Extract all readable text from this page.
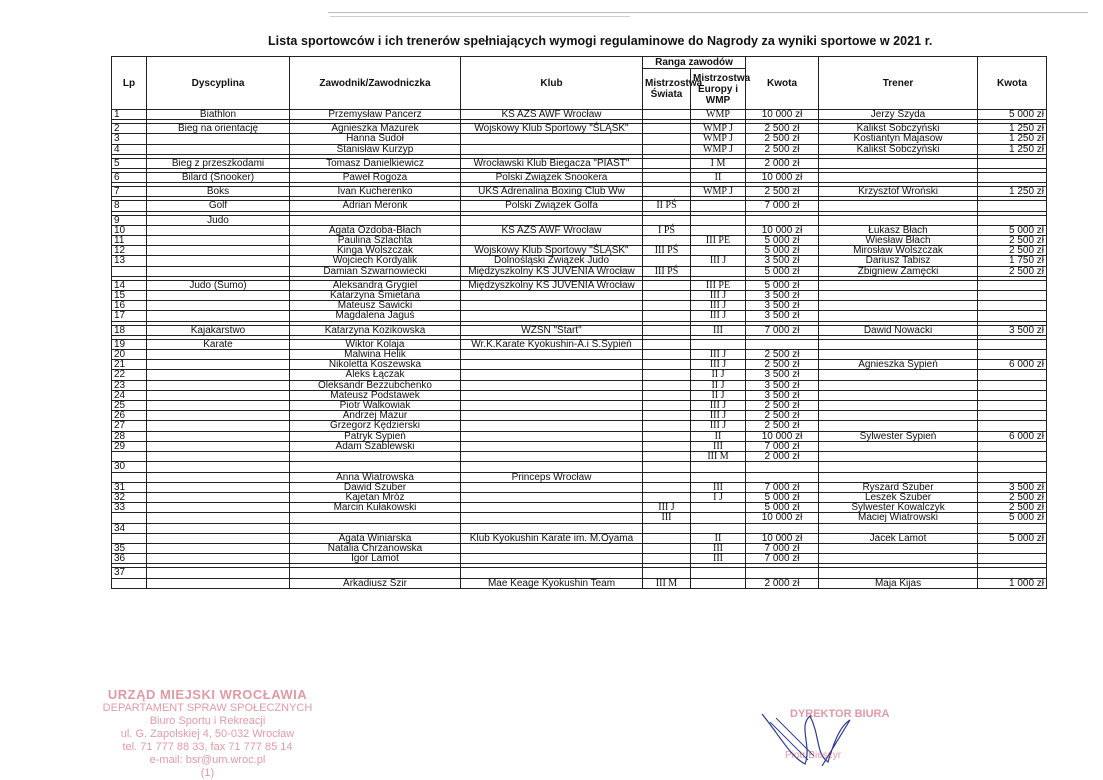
Lista sportowców i ich trenerów spełniających wymogi regulaminowe do Nagrody za wyniki sportowe w 2021 r.
Lp	Dyscyplina	Zawodnik/Zawodniczka	Klub	Ranga zawodów		Kwota	Trener	Kwota
				Mistrzostwa Świata	Mistrzostwa Europy i WMP			
1	Biathlon	Przemysław Pancerz	KS AZS AWF Wrocław		WMP	10 000 zł	Jerzy Szyda	5 000 zł

2	Bieg na orientację	Agnieszka Mazurek	Wojskowy Klub Sportowy "ŚLĄSK"		WMP J	2 500 zł	Kalikst Sobczyński	1 250 zł
3		Hanna Sudoł			WMP J	2 500 zł	Kostiantyn Majasow	1 250 zł
4		Stanisław Kurzyp			WMP J	2 500 zł	Kalikst Sobczyński	1 250 zł

5	Bieg z przeszkodami	Tomasz Danielkiewicz	Wrocławski Klub Biegacza "PIAST"		I M	2 000 zł		

6	Bilard (Snooker)	Paweł Rogoza	Polski Związek Snookera		II	10 000 zł		

7	Boks	Ivan Kucherenko	UKS Adrenalina Boxing Club Ww		WMP J	2 500 zł	Krzysztof Wroński	1 250 zł

8	Golf	Adrian Meronk	Polski Związek Golfa	II PŚ		7 000 zł		

9	Judo							
10		Agata Ozdoba-Błach	KS AZS AWF Wrocław	I PŚ		10 000 zł	Łukasz Błach	5 000 zł
11		Paulina Szlachta			III PE	5 000 zł	Wiesław Błach	2 500 zł
12		Kinga Wolszczak	Wojskowy Klub Sportowy "ŚLĄSK"	III PŚ		5 000 zł	Mirosław Wolszczak	2 500 zł
13		Wojciech Kordyalik	Dolnośląski Związek Judo		III J	3 500 zł	Dariusz Tabisz	1 750 zł
		Damian Szwarnowiecki	Międzyszkolny KS JUVENIA Wrocław	III PŚ		5 000 zł	Zbigniew Zamęcki	2 500 zł

14	Judo (Sumo)	Aleksandra Grygiel	Międzyszkolny KS JUVENIA Wrocław		III PE	5 000 zł		
15		Katarzyna Śmietana			III J	3 500 zł		
16		Mateusz Sawicki			III J	3 500 zł		
17		Magdalena Jaguś			III J	3 500 zł		

18	Kajakarstwo	Katarzyna Kozikowska	WZSN "Start"		III	7 000 zł	Dawid Nowacki	3 500 zł

19	Karate	Wiktor Kolaja	Wr.K.Karate Kyokushin-A.i S.Sypień					
20		Malwina Helik			III J	2 500 zł		
21		Nikoletta Koszewska			III J	2 500 zł	Agnieszka Sypień	6 000 zł
22		Aleks Łączak			II J	3 500 zł		
23		Oleksandr Bezzubchenko			II J	3 500 zł		
24		Mateusz Podstawek			II J	3 500 zł		
25		Piotr Walkowiak			III J	2 500 zł		
26		Andrzej Mazur			III J	2 500 zł		
27		Grzegorz Kędzierski			III J	2 500 zł		
28		Patryk Sypień			II	10 000 zł	Sylwester Sypień	6 000 zł
29		Adam Szablewski			III	7 000 zł		
					III M	2 000 zł		
30								
		Anna Wiatrowska	Princeps Wrocław					
31		Dawid Szuber			III	7 000 zł	Ryszard Szuber	3 500 zł
32		Kajetan Mróz			I J	5 000 zł	Leszek Szuber	2 500 zł
33		Marcin Kułakowski		III J		5 000 zł	Sylwester Kowalczyk	2 500 zł
				III		10 000 zł	Maciej Wiatrowski	5 000 zł
34								
		Agata Winiarska	Klub Kyokushin Karate im. M.Oyama		II	10 000 zł	Jacek Lamot	5 000 zł
35		Natalia Chrzanowska			III	7 000 zł		
36		Igor Lamot			III	7 000 zł		

37								
		Arkadiusz Szir	Mae Keage Kyokushin Team	III M		2 000 zł	Maja Kijas	1 000 zł
URZĄD MIEJSKI WROCŁAWIA
DEPARTAMENT SPRAW SPOŁECZNYCH
Biuro Sportu i Rekreacji
ul. G. Zapolskiej 4, 50-032 Wrocław
tel. 71 777 88 33, fax 71 777 85 14
e-mail: bsr@um.wroc.pl
(1)
DYREKTOR BIURA
Piotr Bieszyr
